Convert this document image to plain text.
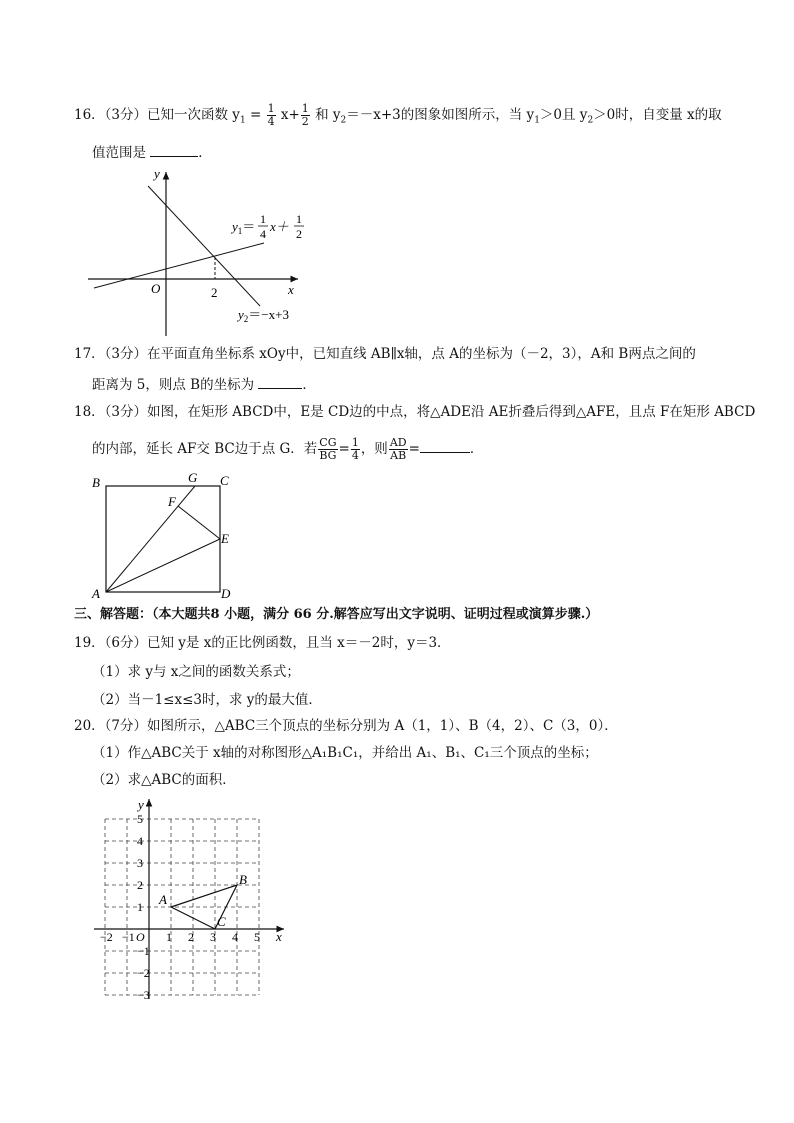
16．（3分）已知一次函数 $y_1 = \frac{1}{4} x+ \frac{1}{2}$ 和 $y_2=-x+3$的图象如图所示，当 $y_1>0$且 $y_2>0$时，自变量 x的取
值范围是	．
y
x
O	2
$y_1= 1$
4 x＋ 1
2
$y_2=-x+3$
17．（3分）在平面直角坐标系 xOy中，已知直线 AB∥x轴，点 A的坐标为（－2，3），A和 B两点之间的
距离为 5，则点 B的坐标为	．
18．（3分）如图，在矩形 ABCD中，E是 CD边的中点，将△ADE沿 AE折叠后得到△AFE，且点 F在矩形 ABCD
的内部，延长 AF交 BC边于点 G．若 $\frac{CG}{BG} = \frac{1}{4}$ ，则 $\frac{AD}{AB}$ =	．
B	G C
F
E
A	D
三、解答题：（本大题共8 小题，满分 66 分.解答应写出文字说明、证明过程或演算步骤.）
19．（6分）已知 y是 x的正比例函数，且当 x＝－2时，y＝3．
（1）求 y与 x之间的函数关系式；
（2）当－1≤x≤3时，求 y的最大值．
20．（7分）如图所示，△ABC三个顶点的坐标分别为 A（1，1）、B（4，2）、C（3，0）．
（1）作△ABC关于 x轴的对称图形△A₁B₁C₁，并给出 A₁、B₁、C₁三个顶点的坐标；
（2）求△ABC的面积．
y
x
O
A
B
C
−2 −1	1 2 3 4 5
5
4
3
2
1
−1
−2
−3
